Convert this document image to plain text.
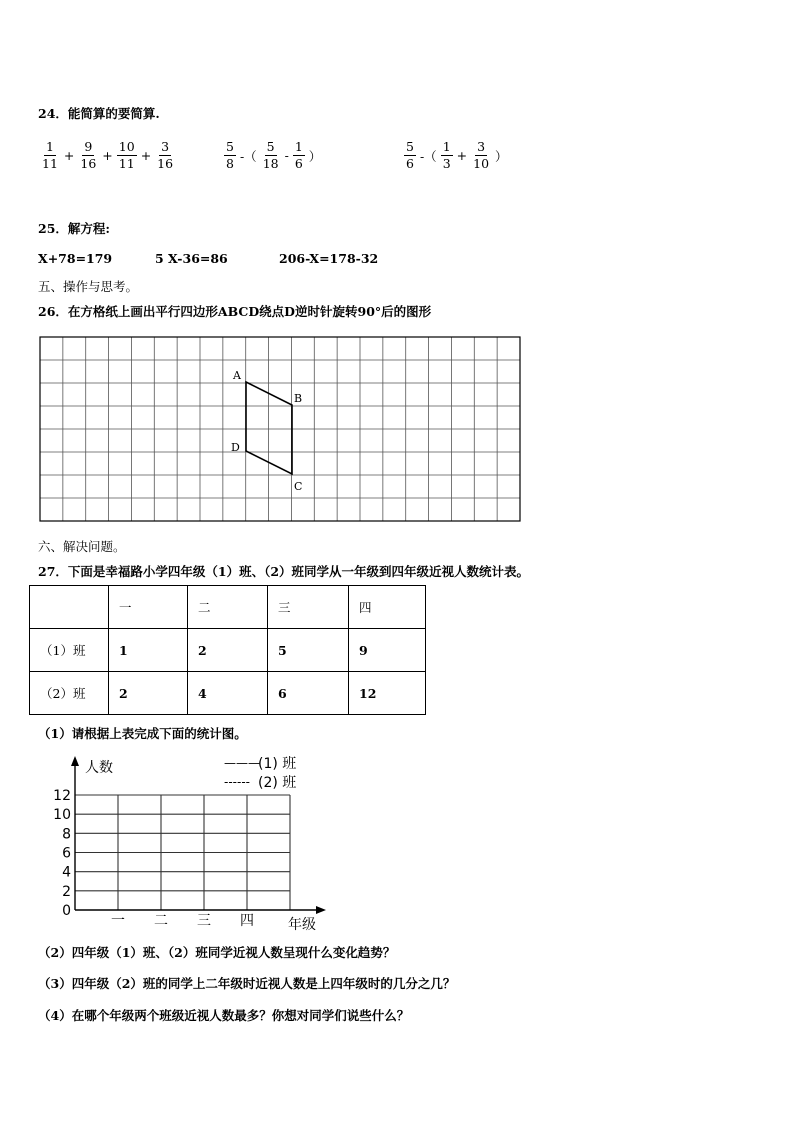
24．能简算的要简算.
$\frac{1}{11} + \frac{9}{16} + \frac{10}{11} + \frac{3}{16}$	$\frac{5}{8}$ -（ $\frac{5}{18} - \frac{1}{6}$ ）	$\frac{5}{6}$ -（ $\frac{1}{3} + \frac{3}{10}$ ）
25．解方程:
X+78=179	5 X-36=86	206-X=178-32
五、操作与思考。
26．在方格纸上画出平行四边形ABCD绕点D逆时针旋转90°后的图形
A
B
C
D
六、解决问题。
27．下面是幸福路小学四年级（1）班、（2）班同学从一年级到四年级近视人数统计表。
	一	二	三	四
（1）班	1	2	5	9
（2）班	2	4	6	12
（1）请根据上表完成下面的统计图。
人数
年级
0
2
4
6
8
10
12
一 二 三 四
———
(1) 班
------ (2) 班
（2）四年级（1）班、（2）班同学近视人数呈现什么变化趋势？
（3）四年级（2）班的同学上二年级时近视人数是上四年级时的几分之几？
（4）在哪个年级两个班级近视人数最多？你想对同学们说些什么？
